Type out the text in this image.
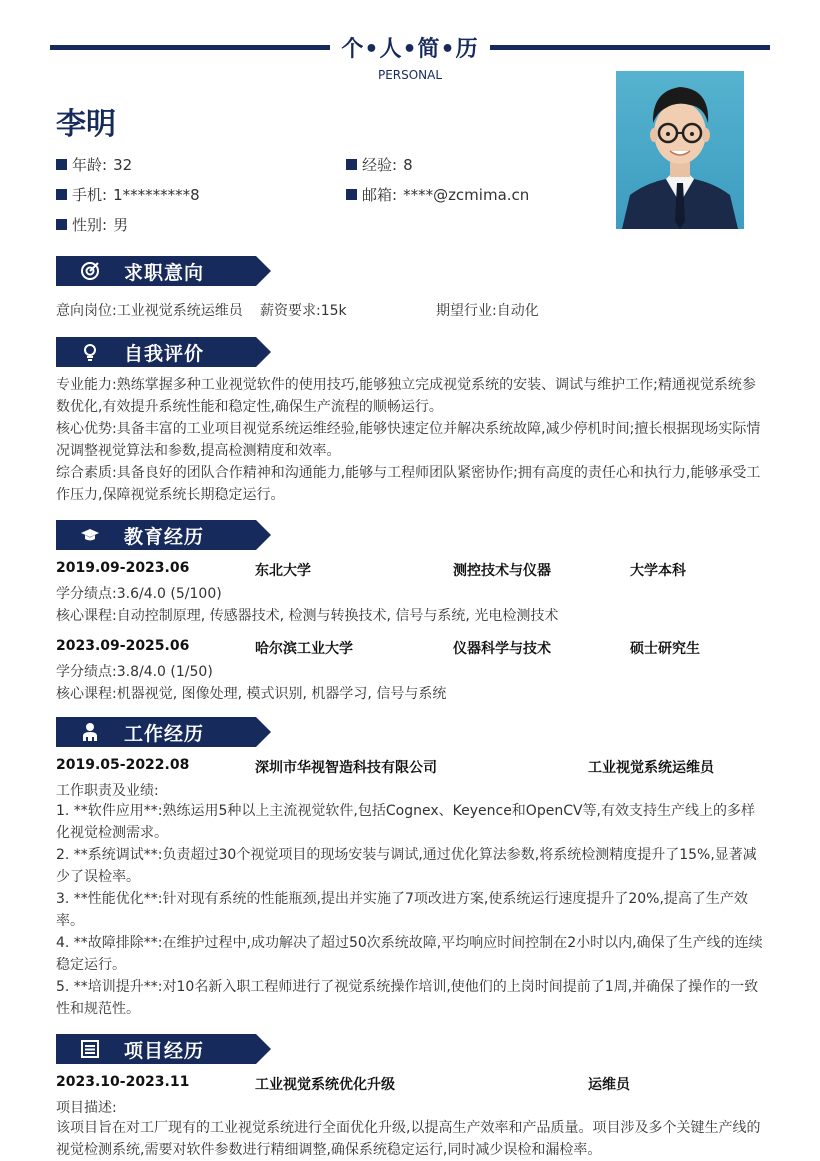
个•人•简•历
PERSONAL
李明
年龄: 32	经验: 8
手机: 1*********8	邮箱: ****@zcmima.cn
性别: 男
求职意向
意向岗位:工业视觉系统运维员 薪资要求:15k	期望行业:自动化
自我评价
专业能力:熟练掌握多种工业视觉软件的使用技巧,能够独立完成视觉系统的安装、调试与维护工作;精通视觉系统参数优化,有效提升系统性能和稳定性,确保生产流程的顺畅运行。
核心优势:具备丰富的工业项目视觉系统运维经验,能够快速定位并解决系统故障,减少停机时间;擅长根据现场实际情况调整视觉算法和参数,提高检测精度和效率。
综合素质:具备良好的团队合作精神和沟通能力,能够与工程师团队紧密协作;拥有高度的责任心和执行力,能够承受工作压力,保障视觉系统长期稳定运行。
教育经历
2019.09-2023.06	东北大学	测控技术与仪器	大学本科
学分绩点:3.6/4.0 (5/100)
核心课程:自动控制原理, 传感器技术, 检测与转换技术, 信号与系统, 光电检测技术
2023.09-2025.06	哈尔滨工业大学	仪器科学与技术	硕士研究生
学分绩点:3.8/4.0 (1/50)
核心课程:机器视觉, 图像处理, 模式识别, 机器学习, 信号与系统
工作经历
2019.05-2022.08	深圳市华视智造科技有限公司	工业视觉系统运维员
工作职责及业绩:
1. **软件应用**:熟练运用5种以上主流视觉软件,包括Cognex、Keyence和OpenCV等,有效支持生产线上的多样化视觉检测需求。
2. **系统调试**:负责超过30个视觉项目的现场安装与调试,通过优化算法参数,将系统检测精度提升了15%,显著减少了误检率。
3. **性能优化**:针对现有系统的性能瓶颈,提出并实施了7项改进方案,使系统运行速度提升了20%,提高了生产效率。
4. **故障排除**:在维护过程中,成功解决了超过50次系统故障,平均响应时间控制在2小时以内,确保了生产线的连续稳定运行。
5. **培训提升**:对10名新入职工程师进行了视觉系统操作培训,使他们的上岗时间提前了1周,并确保了操作的一致性和规范性。
项目经历
2023.10-2023.11	工业视觉系统优化升级	运维员
项目描述:
该项目旨在对工厂现有的工业视觉系统进行全面优化升级,以提高生产效率和产品质量。项目涉及多个关键生产线的视觉检测系统,需要对软件参数进行精细调整,确保系统稳定运行,同时减少误检和漏检率。
